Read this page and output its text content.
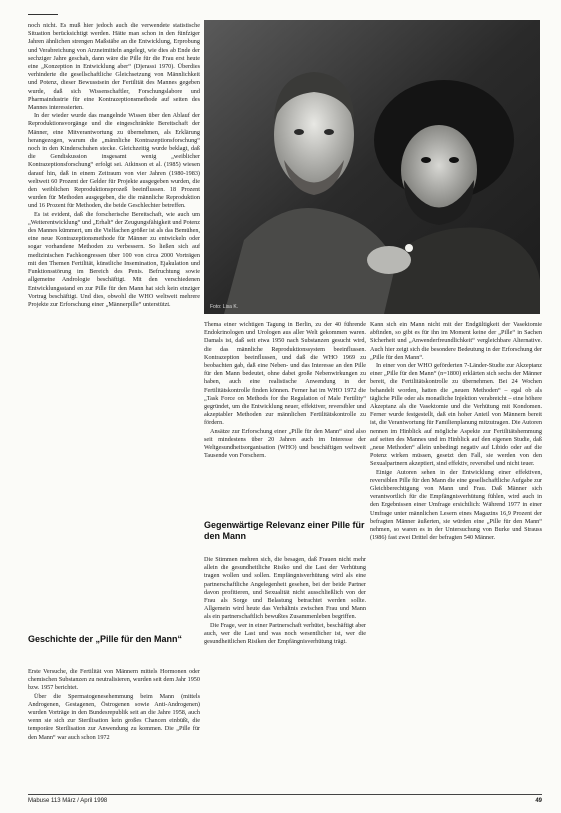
noch nicht. Es muß hier jedoch auch die verwendete statistische Situation berücksichtigt werden. Hätte man schon in den fünfziger Jahren ähnlichen strengen Maßstäbe an die Entwicklung, Erprobung und Verabreichung von Arzneimitteln angelegt, wie dies ab Ende der sechziger Jahre geschah, dann wäre die Pille für die Frau erst heute eine „Konzeption in Entwicklung aber“ (Djerassi 1970). Überdies verhinderte die gesellschaftliche Gleichsetzung von Männlichkeit und Potenz, dieser Bewusstsein der Fertilität des Mannes gegeben wurde, daß sich Wissenschaftler, Forschungslabore und Pharmaindustrie für eine Kontrazeptionsmethode auf seiten des Mannes interessierten.

In der wieder wurde das mangelnde Wissen über den Ablauf der Reproduktionsvorgänge und die eingeschränkte Bereitschaft der Männer, eine Mitverantwortung zu übernehmen, als Erklärung herangezogen, warum die „männliche Kontrazeptionsforschung“ noch in den Kinderschuhen stecke. Gleichzeitig wurde beklagt, daß die Gendiskussion insgesamt wenig „weiblicher Kontrazeptionsforschung“ erfolgt sei. Atkinson et al. (1985) wiesen darauf hin, daß in einem Zeitraum von vier Jahren (1980-1983) weltweit 60 Prozent der Gelder für Projekte ausgegeben wurden, die den weiblichen Reproduktionsprozeß beeinflussen. 18 Prozent wurden für Methoden ausgegeben, die die männliche Reproduktion und 16 Prozent für Methoden, die beide Geschlechter betreffen.

Es ist evident, daß die forscherische Bereitschaft, wie auch um „Weiterentwicklung“ und „Erhalt“ der Zeugungsfähigkeit und Potenz des Mannes kümmert, um die Vielfachen größer ist als das Bemühen, eine neue Kontrazeptionsmethode für Männer zu entwickeln oder sogar vorhandene Methoden zu verbessern. So ließen sich auf medizinischen Fachkongressen über 100 von circa 2000 Vorträgen mit den Themen Fertilität, künstliche Insemination, Ejakulation und Funktionsstörung im Bereich des Penis. Befruchtung sowie allgemeine Andrologie beschäftigt. Mit den verschiedenen Entwicklungsstand en zur Pille für den Mann hat sich kein einziger Vortrag beschäftigt. Und dies, obwohl die WHO weltweit mehrere Projekte zur Erforschung einer „Männerpille“ unterstützt.

Geschichte der „Pille für den Mann“

Erste Versuche, die Fertilität von Männern mittels Hormonen oder chemischen Substanzen zu neutralisieren, wurden seit dem Jahr 1950 bzw. 1957 berichtet.

Über die Spermatogenesehemmung beim Mann (mittels Androgenen, Gestagenen, Östrogenen sowie Anti-Androgenen) wurden Vorträge in den Bundesrepublik seit an die Jahre 1958, auch wenn sie sich zur Sterilisation kein großes Chancen einbüßt, die temporäre Sterilisation zur Anwendung zu kommen. Die „Pille für den Mann“ war auch schon 1972

Foto: Lisa K.

Thema einer wichtigen Tagung in Berlin, zu der 40 führende Endokrinologen und Urologen aus aller Welt gekommen waren. Damals ist, daß seit etwa 1950 nach Substanzen gesucht wird, die das männliche Reproduktionssystem beeinflussen. Kontrazeption beeinflussen, und daß die WHO 1969 zu beobachten gab, daß eine Neben- und das Interesse an den Pille für den Mann bedeutet, ohne dabei große Nebenwirkungen zu haben, auch eine realistische Anwendung in der Fertilitätskontrolle finden können. Ferner hat im WHO 1972 die „Task Force on Methods for the Regulation of Male Fertility“ gegründet, um die Entwicklung neuer, effektiver, reversibler und akzeptabler Methoden zur männlichen Fertilitätskontrolle zu fördern.

Ansätze zur Erforschung einer „Pille für den Mann“ sind also seit mindestens über 20 Jahren auch im Interesse der Weltgesundheitsorganisation (WHO) und beschäftigen weltweit Tausende von Forschern.

Gegenwärtige Relevanz einer Pille für den Mann

Die Stimmen mehren sich, die besagen, daß Frauen nicht mehr allein die gesundheitliche Risiko und die Last der Verhütung tragen wollen und sollen. Empfängnisverhütung wird als eine partnerschaftliche Angelegenheit gesehen, bei der beide Partner davon profitieren, und Sexualität nicht ausschließlich von der Frau als Sorge und Belastung betrachtet werden sollte. Allgemein wird heute das Verhältnis zwischen Frau und Mann als ein partnerschaftlich bewußtes Zusammenleben begriffen.

Die Frage, wer in einer Partnerschaft verhütet, beschäftigt aber auch, wer die Last und was noch wesentlicher ist, wer die gesundheitlichen Risiken der Empfängnisverhütung trägt.

Kann sich ein Mann nicht mit der Endgültigkeit der Vasektomie abfinden, so gibt es für ihn im Moment keine der „Pille“ in Sachen Sicherheit und „Anwenderfreundlichkeit“ vergleichbare Alternative. Auch hier zeigt sich die besondere Bedeutung in der Erforschung der „Pille für den Mann“.

In einer von der WHO geförderten 7-Länder-Studie zur Akzeptanz einer „Pille für den Mann“ (n=1800) erklärten sich sechs der Männer bereit, die Fertilitätskontrolle zu übernehmen. Bei 24 Wochen behandelt worden, hatten die „neuen Methoden“ – egal ob als tägliche Pille oder als monatliche Injektion verabreicht – eine höhere Akzeptanz als die Vasektomie und die Verhütung mit Kondomen. Ferner wurde festgestellt, daß ein hoher Anteil von Männern bereit ist, die Verantwortung für Familienplanung mitzutragen. Die Autoren nennen im Hinblick auf mögliche Aspekte zur Fertilitätshemmung auf seiten des Mannes und im Hinblick auf den eigenen Studie, daß „neue Methoden“ allein unbedingt negativ auf Libido oder auf die Potenz wirken müssen, gesetzt den Fall, sie werden von den Sexualpartnern akzeptiert, sind effektiv, reversibel und nicht teuer.

Einige Autoren sehen in der Entwicklung einer effektiven, reversiblen Pille für den Mann die eine gesellschaftliche Aufgabe zur Gleichberechtigung von Mann und Frau. Daß Männer sich verantwortlich für die Empfängnisverhütung fühlen, wird auch in den Ergebnissen einer Umfrage ersichtlich: Während 1977 in einer Umfrage unter männlichen Lesern eines Magazins 16,9 Prozent der befragten Männer äußerten, sie würden eine „Pille für den Mann“ nehmen, so waren es in der Untersuchung von Burke und Strauss (1986) fast zwei Drittel der befragten 540 Männer.

Mabuse 113 März / April 1998	49
